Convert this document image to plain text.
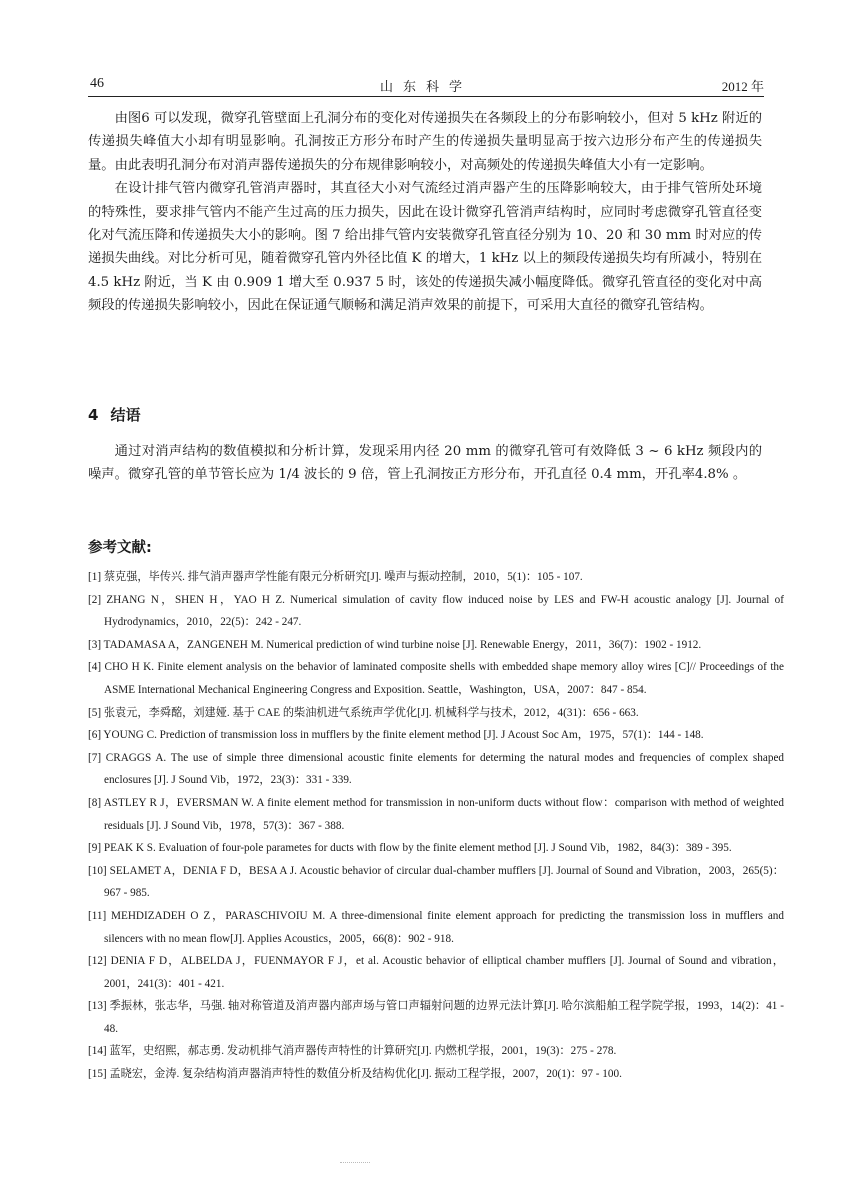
46	山东科学	2012 年

由图6 可以发现，微穿孔管壁面上孔洞分布的变化对传递损失在各频段上的分布影响较小，但对 5 kHz 附近的传递损失峰值大小却有明显影响。孔洞按正方形分布时产生的传递损失量明显高于按六边形分布产生的传递损失量。由此表明孔洞分布对消声器传递损失的分布规律影响较小，对高频处的传递损失峰值大小有一定影响。

在设计排气管内微穿孔管消声器时，其直径大小对气流经过消声器产生的压降影响较大，由于排气管所处环境的特殊性，要求排气管内不能产生过高的压力损失，因此在设计微穿孔管消声结构时，应同时考虑微穿孔管直径变化对气流压降和传递损失大小的影响。图 7 给出排气管内安装微穿孔管直径分别为 10、20 和 30 mm 时对应的传递损失曲线。对比分析可见，随着微穿孔管内外径比值 K 的增大，1 kHz 以上的频段传递损失均有所减小，特别在 4.5 kHz 附近，当 K 由 0.909 1 增大至 0.937 5 时，该处的传递损失减小幅度降低。微穿孔管直径的变化对中高频段的传递损失影响较小，因此在保证通气顺畅和满足消声效果的前提下，可采用大直径的微穿孔管结构。

4 结语

通过对消声结构的数值模拟和分析计算，发现采用内径 20 mm 的微穿孔管可有效降低 3 ~ 6 kHz 频段内的噪声。微穿孔管的单节管长应为 1/4 波长的 9 倍，管上孔洞按正方形分布，开孔直径 0.4 mm，开孔率4.8% 。

参考文献:
[1] 蔡克强，毕传兴. 排气消声器声学性能有限元分析研究[J]. 噪声与振动控制，2010，5(1)：105 - 107.
[2] ZHANG N，SHEN H，YAO H Z. Numerical simulation of cavity flow induced noise by LES and FW-H acoustic analogy [J]. Journal of Hydrodynamics，2010，22(5)：242 - 247.
[3] TADAMASA A，ZANGENEH M. Numerical prediction of wind turbine noise [J]. Renewable Energy，2011，36(7)：1902 - 1912.
[4] CHO H K. Finite element analysis on the behavior of laminated composite shells with embedded shape memory alloy wires [C]// Proceedings of the ASME International Mechanical Engineering Congress and Exposition. Seattle，Washington，USA，2007：847 - 854.
[5] 张袁元，李舜酩，刘建娅. 基于 CAE 的柴油机进气系统声学优化[J]. 机械科学与技术，2012，4(31)：656 - 663.
[6] YOUNG C. Prediction of transmission loss in mufflers by the finite element method [J]. J Acoust Soc Am，1975，57(1)：144 - 148.
[7] CRAGGS A. The use of simple three dimensional acoustic finite elements for determing the natural modes and frequencies of complex shaped enclosures [J]. J Sound Vib，1972，23(3)：331 - 339.
[8] ASTLEY R J，EVERSMAN W. A finite element method for transmission in non-uniform ducts without flow：comparison with method of weighted residuals [J]. J Sound Vib，1978，57(3)：367 - 388.
[9] PEAK K S. Evaluation of four-pole parametes for ducts with flow by the finite element method [J]. J Sound Vib，1982，84(3)：389 - 395.
[10] SELAMET A，DENIA F D，BESA A J. Acoustic behavior of circular dual-chamber mufflers [J]. Journal of Sound and Vibration，2003，265(5)：967 - 985.
[11] MEHDIZADEH O Z，PARASCHIVOIU M. A three-dimensional finite element approach for predicting the transmission loss in mufflers and silencers with no mean flow[J]. Applies Acoustics，2005，66(8)：902 - 918.
[12] DENIA F D，ALBELDA J，FUENMAYOR F J，et al. Acoustic behavior of elliptical chamber mufflers [J]. Journal of Sound and vibration，2001，241(3)：401 - 421.
[13] 季振林，张志华，马强. 轴对称管道及消声器内部声场与管口声辐射问题的边界元法计算[J]. 哈尔滨船舶工程学院学报，1993，14(2)：41 - 48.
[14] 蓝军，史绍熙，郝志勇. 发动机排气消声器传声特性的计算研究[J]. 内燃机学报，2001，19(3)：275 - 278.
[15] 孟晓宏，金涛. 复杂结构消声器消声特性的数值分析及结构优化[J]. 振动工程学报，2007，20(1)：97 - 100.
